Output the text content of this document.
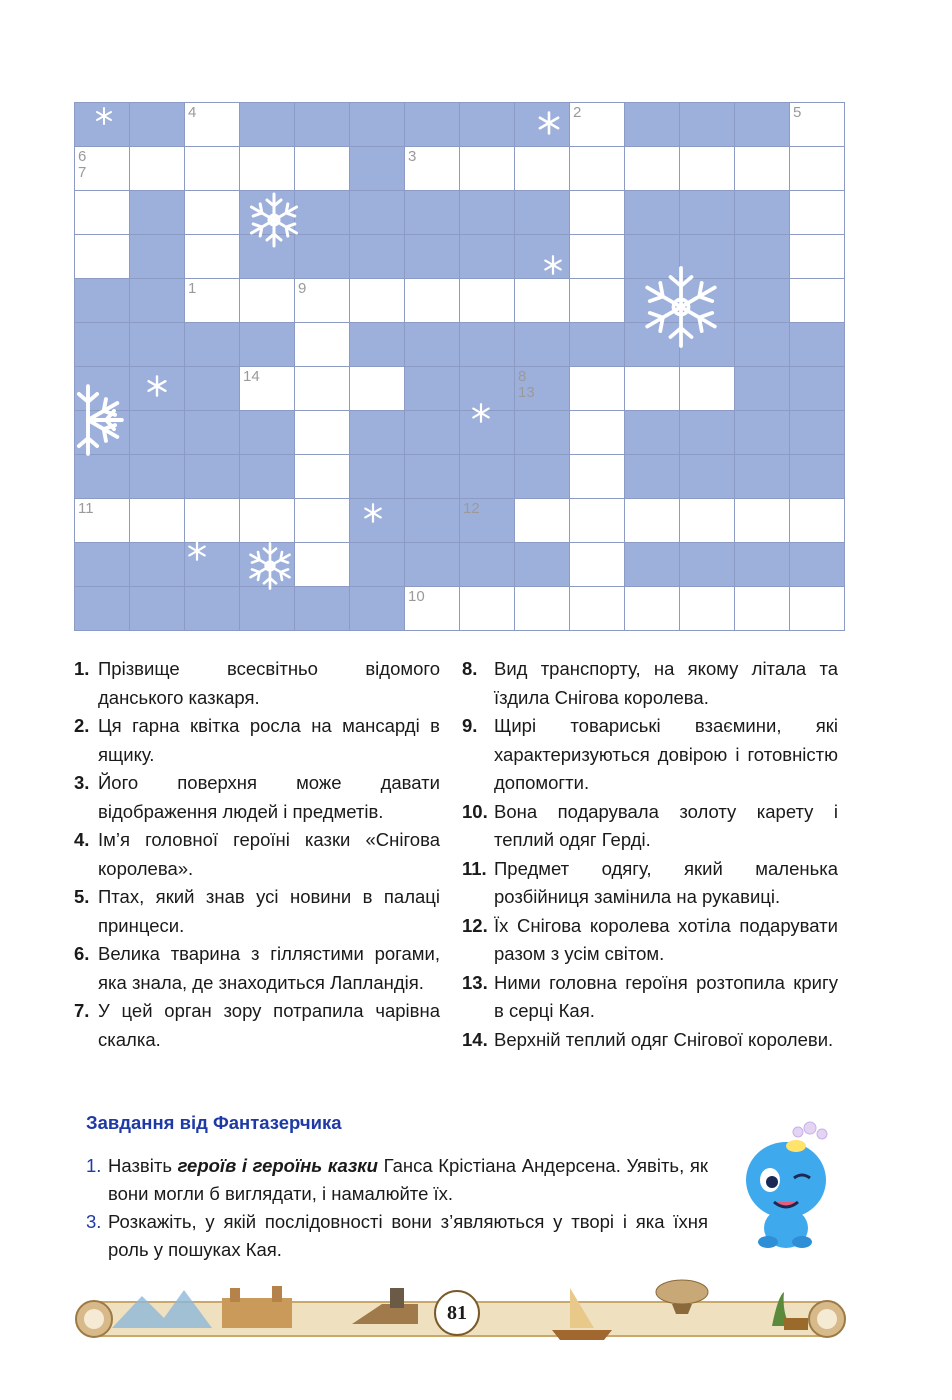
4	2	5
6
7
3
1	9
14	8
13
11	12
10
1. Прізвище всесвітньо відомого данського казкаря.
2. Ця гарна квітка росла на мансарді в ящику.
3. Його поверхня може давати відображення людей і предметів.
4. Ім’я головної героїні казки «Снігова королева».
5. Птах, який знав усі новини в палаці принцеси.
6. Велика тварина з гіллястими рогами, яка знала, де знаходиться Лапландія.
7. У цей орган зору потрапила чарівна скалка.
8. Вид транспорту, на якому літала та їздила Снігова королева.
9. Щирі товариські взаємини, які характеризуються довірою і готовністю допомогти.
10. Вона подарувала золоту карету і теплий одяг Герді.
11. Предмет одягу, який маленька розбійниця замінила на рукавиці.
12. Їх Снігова королева хотіла подарувати разом з усім світом.
13. Ними головна героїня розтопила кригу в серці Кая.
14. Верхній теплий одяг Снігової королеви.
Завдання від Фантазерчика
1. Назвіть героїв і героїнь казки Ганса Крістіана Андерсена. Уявіть, як вони могли б виглядати, і намалюйте їх.
3. Розкажіть, у якій послідовності вони з’являються у творі і яка їхня роль у пошуках Кая.
81
